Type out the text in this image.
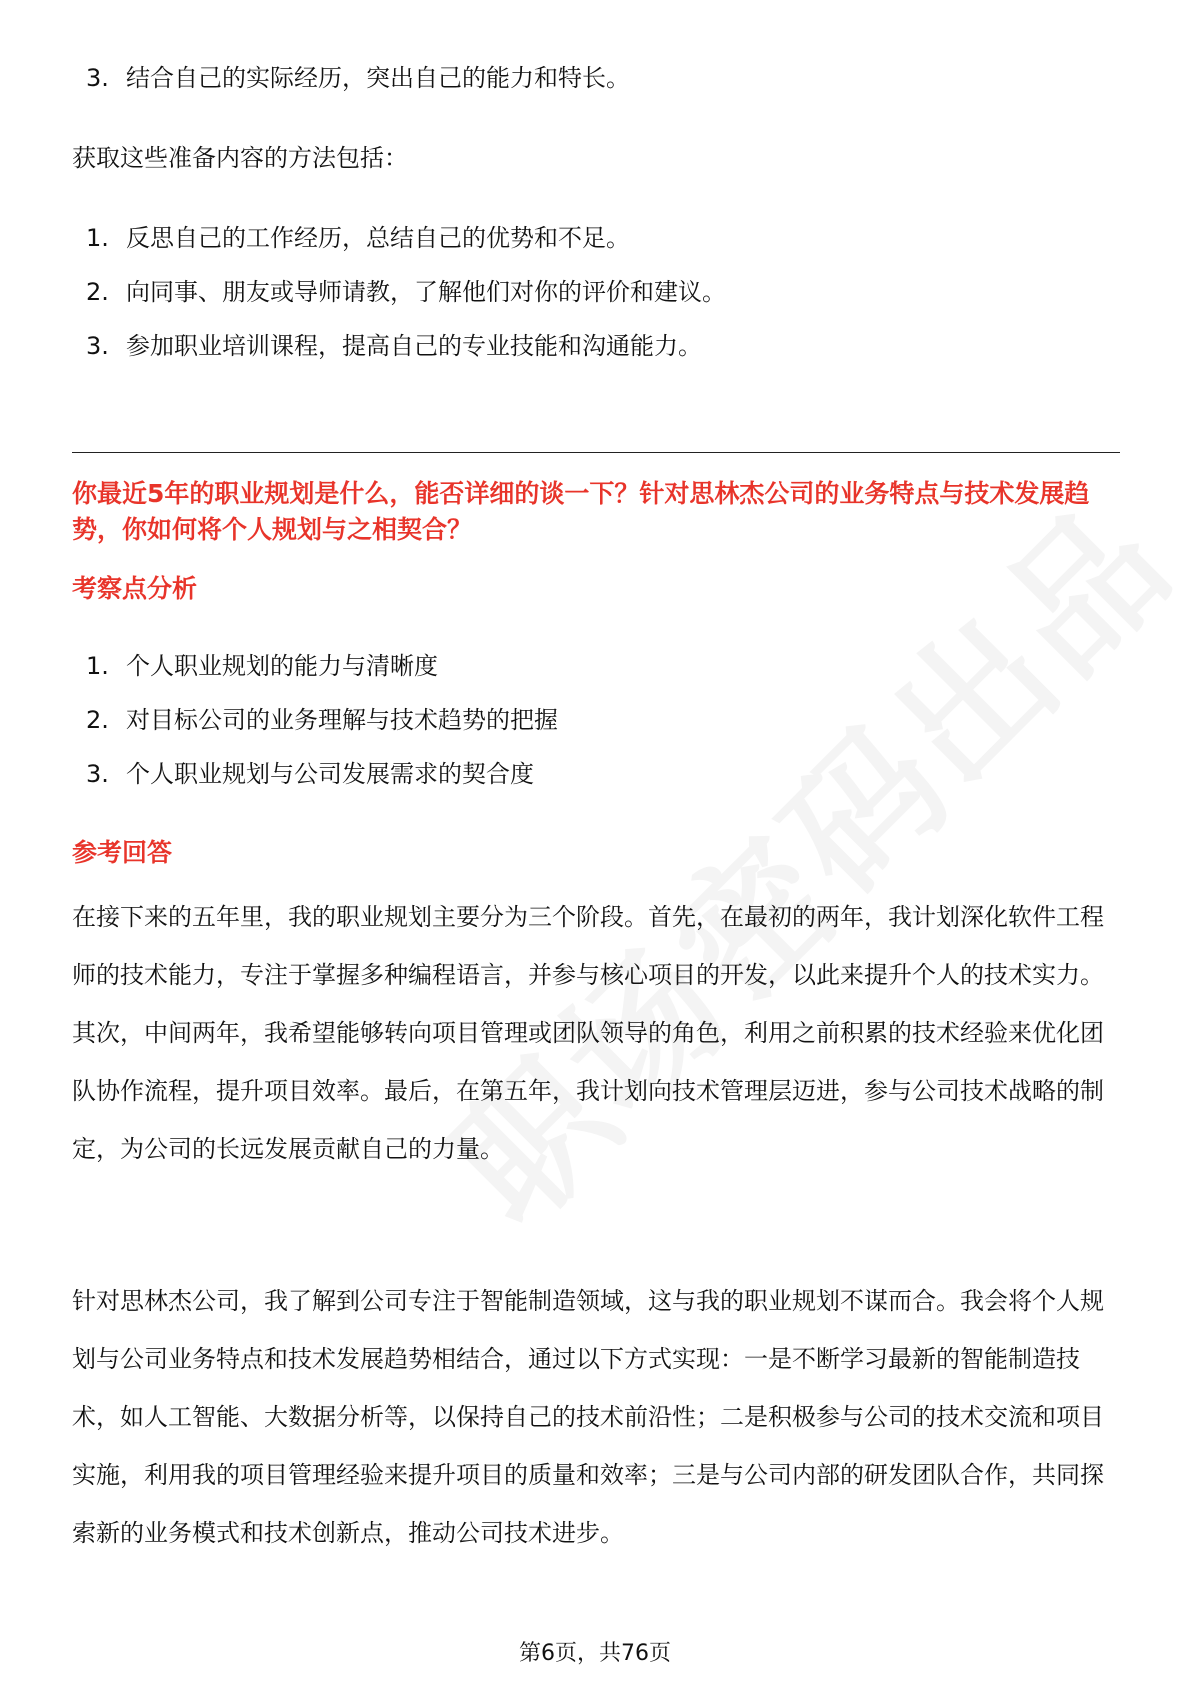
3. 结合自己的实际经历，突出自己的能力和特长。

获取这些准备内容的方法包括：

1. 反思自己的工作经历，总结自己的优势和不足。
2. 向同事、朋友或导师请教，了解他们对你的评价和建议。
3. 参加职业培训课程，提高自己的专业技能和沟通能力。

你最近5年的职业规划是什么，能否详细的谈一下？针对思林杰公司的业务特点与技术发展趋势，你如何将个人规划与之相契合？

考察点分析

1. 个人职业规划的能力与清晰度
2. 对目标公司的业务理解与技术趋势的把握
3. 个人职业规划与公司发展需求的契合度

参考回答

在接下来的五年里，我的职业规划主要分为三个阶段。首先，在最初的两年，我计划深化软件工程师的技术能力，专注于掌握多种编程语言，并参与核心项目的开发，以此来提升个人的技术实力。其次，中间两年，我希望能够转向项目管理或团队领导的角色，利用之前积累的技术经验来优化团队协作流程，提升项目效率。最后，在第五年，我计划向技术管理层迈进，参与公司技术战略的制定，为公司的长远发展贡献自己的力量。

针对思林杰公司，我了解到公司专注于智能制造领域，这与我的职业规划不谋而合。我会将个人规划与公司业务特点和技术发展趋势相结合，通过以下方式实现：一是不断学习最新的智能制造技术，如人工智能、大数据分析等，以保持自己的技术前沿性；二是积极参与公司的技术交流和项目实施，利用我的项目管理经验来提升项目的质量和效率；三是与公司内部的研发团队合作，共同探索新的业务模式和技术创新点，推动公司技术进步。

第6页，共76页
